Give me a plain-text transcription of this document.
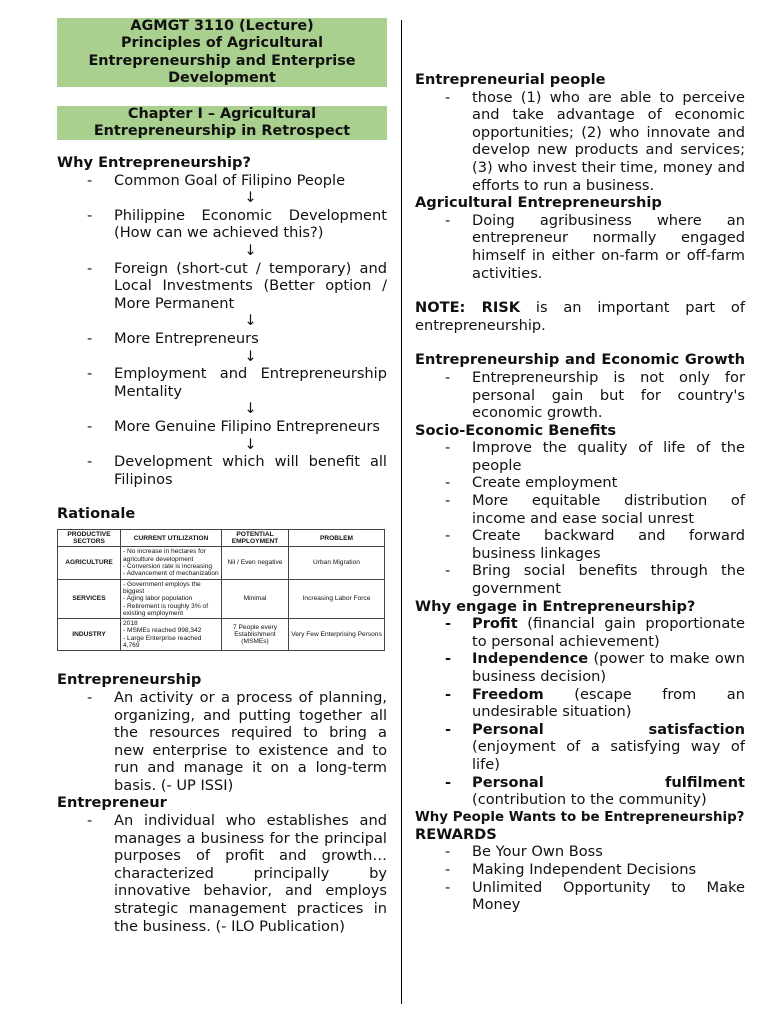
AGMGT 3110 (Lecture)
Principles of Agricultural
Entrepreneurship and Enterprise
Development
Chapter I – Agricultural
Entrepreneurship in Retrospect
Why Entrepreneurship?
- Common Goal of Filipino People
↓
- Philippine Economic Development (How can we achieved this?)
↓
- Foreign (short-cut / temporary) and Local Investments (Better option / More Permanent
↓
- More Entrepreneurs
↓
- Employment and Entrepreneurship Mentality
↓
- More Genuine Filipino Entrepreneurs
↓
- Development which will benefit all Filipinos
Rationale
PRODUCTIVE SECTORS	CURRENT UTILIZATION	POTENTIAL EMPLOYMENT	PROBLEM
AGRICULTURE	- No increase in hectares for agriculture development
- Conversion rate is increasing
- Advancement of mechanization	Nil / Even negative	Urban Migration
SERVICES	- Government employs the biggest
- Aging labor population
- Retirement is roughly 3% of existing employment	Minimal	Increasing Labor Force
INDUSTRY	2018
- MSMEs reached 998,342
- Large Enterprise reached 4,769	7 People every Establishment (MSMEs)	Very Few Enterprising Persons
Entrepreneurship
- An activity or a process of planning, organizing, and putting together all the resources required to bring a new enterprise to existence and to run and manage it on a long-term basis. (- UP ISSI)
Entrepreneur
- An individual who establishes and manages a business for the principal purposes of profit and growth… characterized principally by innovative behavior, and employs strategic management practices in the business. (- ILO Publication)
Entrepreneurial people
- those (1) who are able to perceive and take advantage of economic opportunities; (2) who innovate and develop new products and services; (3) who invest their time, money and efforts to run a business.
Agricultural Entrepreneurship
- Doing agribusiness where an entrepreneur normally engaged himself in either on-farm or off-farm activities.
NOTE: RISK is an important part of entrepreneurship.
Entrepreneurship and Economic Growth
- Entrepreneurship is not only for personal gain but for country's economic growth.
Socio-Economic Benefits
- Improve the quality of life of the people
- Create employment
- More equitable distribution of income and ease social unrest
- Create backward and forward business linkages
- Bring social benefits through the government
Why engage in Entrepreneurship?
- Profit (financial gain proportionate to personal achievement)
- Independence (power to make own business decision)
- Freedom (escape from an undesirable situation)
- Personal satisfaction
(enjoyment of a satisfying way of life)
- Personal fulfilment
(contribution to the community)
Why People Wants to be Entrepreneurship?
REWARDS
- Be Your Own Boss
- Making Independent Decisions
- Unlimited Opportunity to Make Money
